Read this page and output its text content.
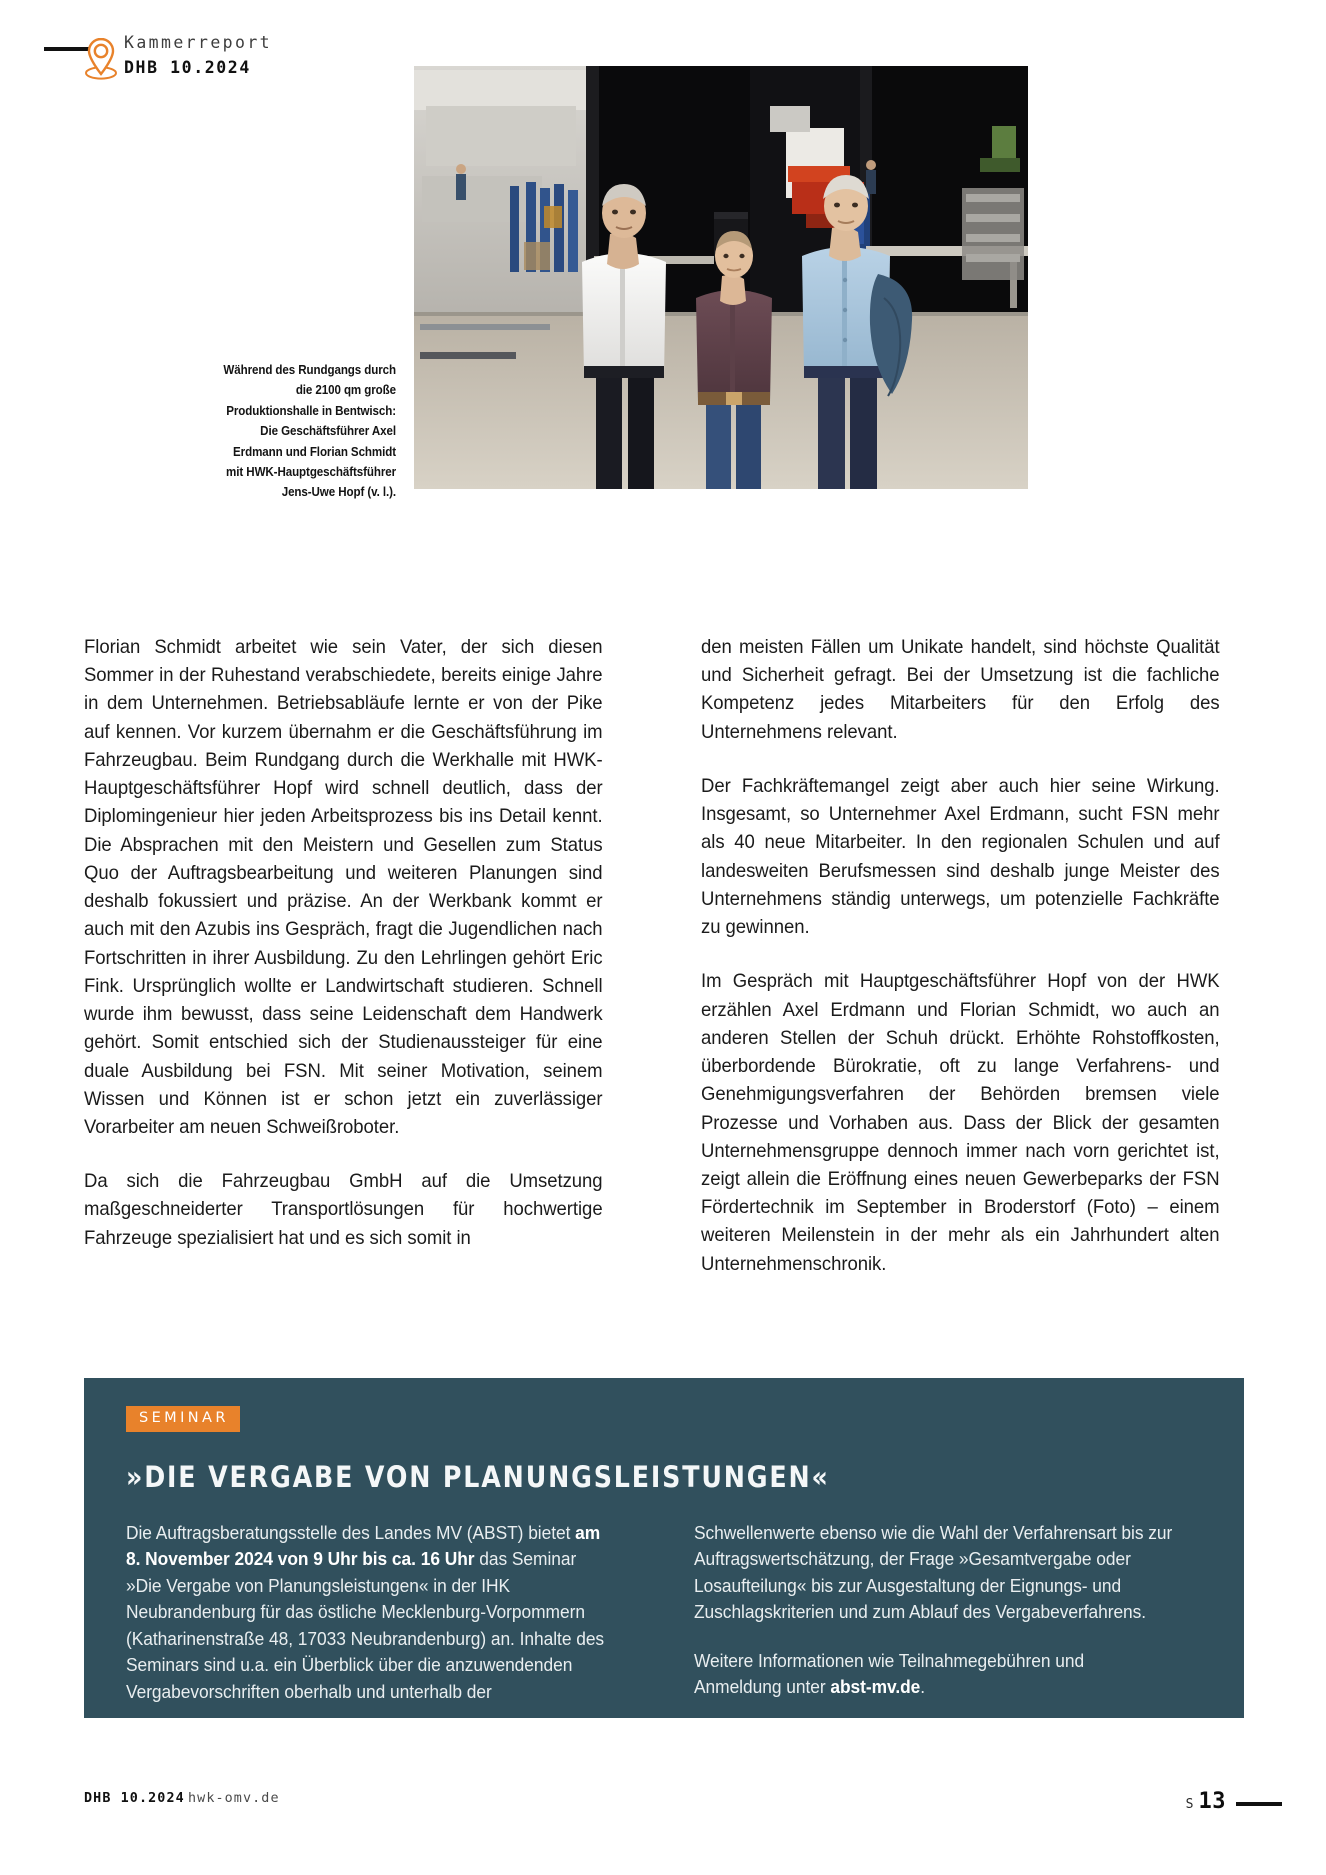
Kammerreport
DHB 10.2024
Während des Rundgangs durch die 2100 qm große Produktionshalle in Bentwisch: Die Geschäftsführer Axel Erdmann und Florian Schmidt mit HWK-Hauptgeschäftsführer Jens-Uwe Hopf (v. l.).

Florian Schmidt arbeitet wie sein Vater, der sich diesen Sommer in der Ruhestand verabschiedete, bereits einige Jahre in dem Unternehmen. Betriebsabläufe lernte er von der Pike auf kennen. Vor kurzem übernahm er die Geschäftsführung im Fahrzeugbau. Beim Rundgang durch die Werkhalle mit HWK-Hauptgeschäftsführer Hopf wird schnell deutlich, dass der Diplomingenieur hier jeden Arbeitsprozess bis ins Detail kennt. Die Absprachen mit den Meistern und Gesellen zum Status Quo der Auftragsbearbeitung und weiteren Planungen sind deshalb fokussiert und präzise. An der Werkbank kommt er auch mit den Azubis ins Gespräch, fragt die Jugendlichen nach Fortschritten in ihrer Ausbildung. Zu den Lehrlingen gehört Eric Fink. Ursprünglich wollte er Landwirtschaft studieren. Schnell wurde ihm bewusst, dass seine Leidenschaft dem Handwerk gehört. Somit entschied sich der Studienaussteiger für eine duale Ausbildung bei FSN. Mit seiner Motivation, seinem Wissen und Können ist er schon jetzt ein zuverlässiger Vorarbeiter am neuen Schweißroboter.

Da sich die Fahrzeugbau GmbH auf die Umsetzung maßgeschneiderter Transportlösungen für hochwertige Fahrzeuge spezialisiert hat und es sich somit in

den meisten Fällen um Unikate handelt, sind höchste Qualität und Sicherheit gefragt. Bei der Umsetzung ist die fachliche Kompetenz jedes Mitarbeiters für den Erfolg des Unternehmens relevant.

Der Fachkräftemangel zeigt aber auch hier seine Wirkung. Insgesamt, so Unternehmer Axel Erdmann, sucht FSN mehr als 40 neue Mitarbeiter. In den regionalen Schulen und auf landesweiten Berufsmessen sind deshalb junge Meister des Unternehmens ständig unterwegs, um potenzielle Fachkräfte zu gewinnen.

Im Gespräch mit Hauptgeschäftsführer Hopf von der HWK erzählen Axel Erdmann und Florian Schmidt, wo auch an anderen Stellen der Schuh drückt. Erhöhte Rohstoffkosten, überbordende Bürokratie, oft zu lange Verfahrens- und Genehmigungsverfahren der Behörden bremsen viele Prozesse und Vorhaben aus. Dass der Blick der gesamten Unternehmensgruppe dennoch immer nach vorn gerichtet ist, zeigt allein die Eröffnung eines neuen Gewerbeparks der FSN Fördertechnik im September in Broderstorf (Foto) – einem weiteren Meilenstein in der mehr als ein Jahrhundert alten Unternehmenschronik.

SEMINAR
»DIE VERGABE VON PLANUNGSLEISTUNGEN«

Die Auftragsberatungsstelle des Landes MV (ABST) bietet am 8. November 2024 von 9 Uhr bis ca. 16 Uhr das Seminar »Die Vergabe von Planungsleistungen« in der IHK Neubrandenburg für das östliche Mecklenburg-Vorpommern (Katharinenstraße 48, 17033 Neubrandenburg) an. Inhalte des Seminars sind u.a. ein Überblick über die anzuwendenden Vergabevorschriften oberhalb und unterhalb der

Schwellenwerte ebenso wie die Wahl der Verfahrensart bis zur Auftragswertschätzung, der Frage »Gesamtvergabe oder Losaufteilung« bis zur Ausgestaltung der Eignungs- und Zuschlagskriterien und zum Ablauf des Vergabeverfahrens.

Weitere Informationen wie Teilnahmegebühren und Anmeldung unter abst-mv.de.

DHB 10.2024 hwk-omv.de	S 13
